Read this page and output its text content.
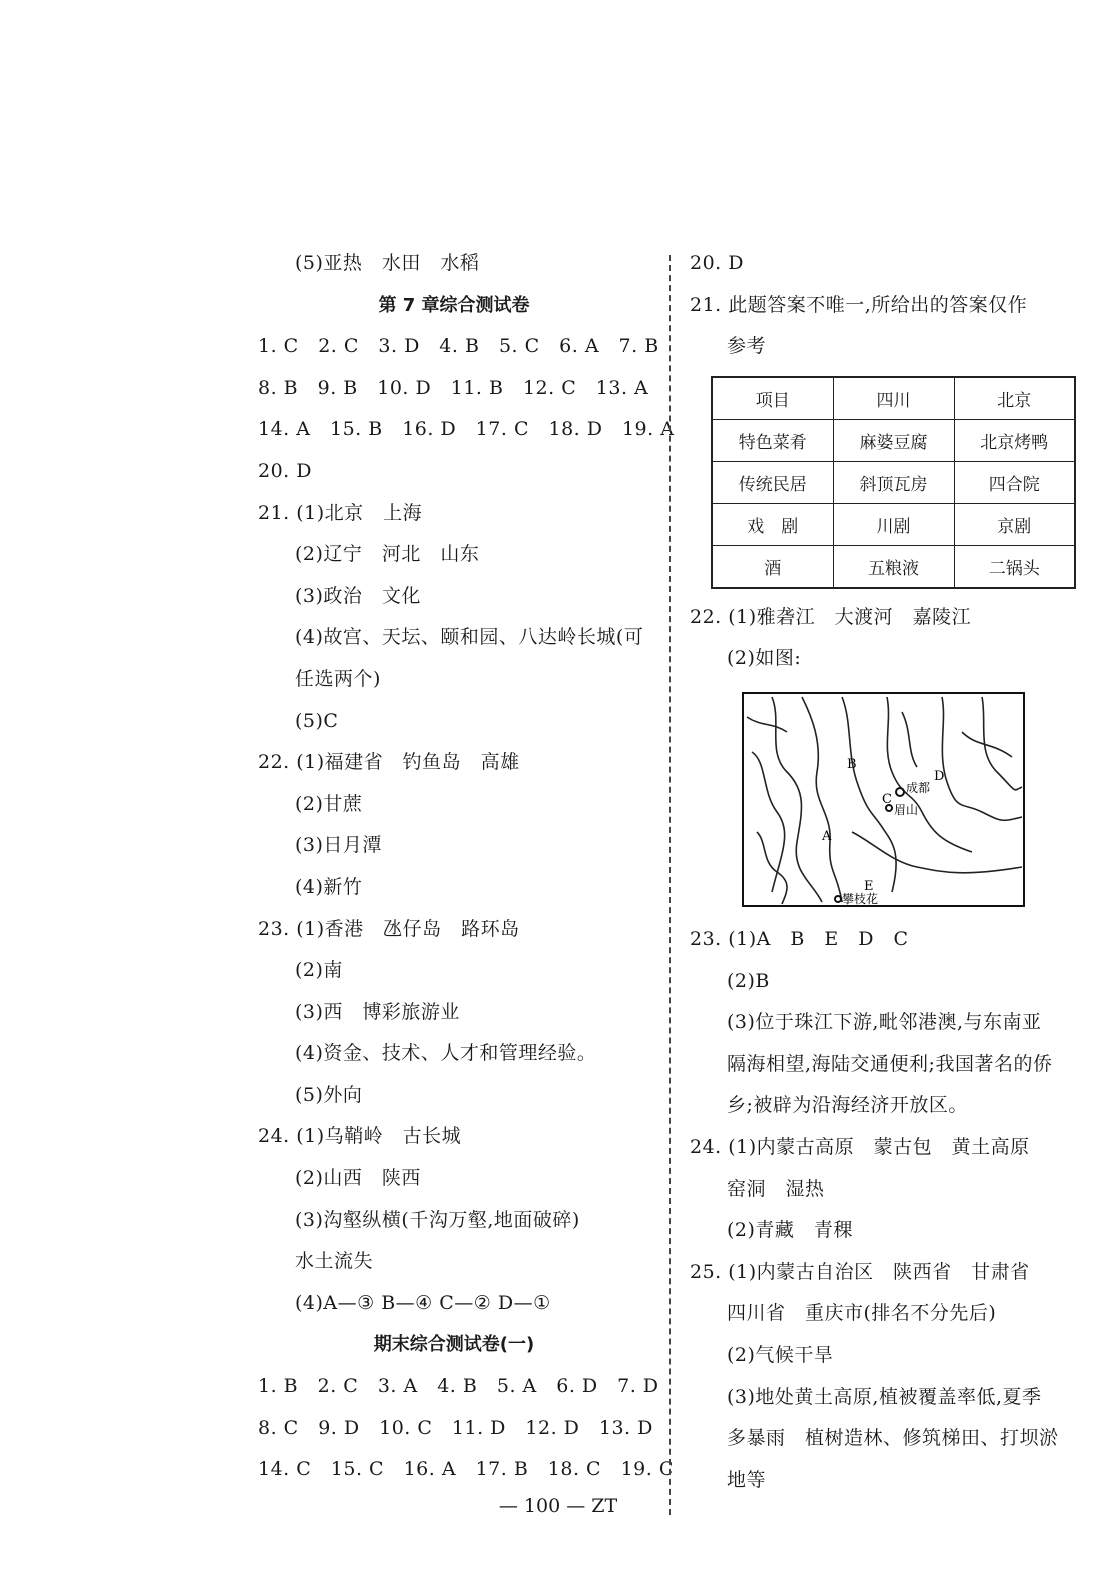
(5)亚热　水田　水稻
第 7 章综合测试卷
1. C　2. C　3. D　4. B　5. C　6. A　7. B
8. B　9. B　10. D　11. B　12. C　13. A
14. A　15. B　16. D　17. C　18. D　19. A
20. D
21. (1)北京　上海
(2)辽宁　河北　山东
(3)政治　文化
(4)故宫、天坛、颐和园、八达岭长城(可
任选两个)
(5)C
22. (1)福建省　钓鱼岛　高雄
(2)甘蔗
(3)日月潭
(4)新竹
23. (1)香港　氹仔岛　路环岛
(2)南
(3)西　博彩旅游业
(4)资金、技术、人才和管理经验。
(5)外向
24. (1)乌鞘岭　古长城
(2)山西　陕西
(3)沟壑纵横(千沟万壑,地面破碎)
水土流失
(4)A—③ B—④ C—② D—①
期末综合测试卷(一)
1. B　2. C　3. A　4. B　5. A　6. D　7. D
8. C　9. D　10. C　11. D　12. D　13. D
14. C　15. C　16. A　17. B　18. C　19. C
20. D
21. 此题答案不唯一,所给出的答案仅作
参考
项目	四川	北京
特色菜肴	麻婆豆腐	北京烤鸭
传统民居	斜顶瓦房	四合院
戏　剧	川剧	京剧
酒	五粮液	二锅头
22. (1)雅砻江　大渡河　嘉陵江
(2)如图:
A
B
C
D
E
成都
眉山
攀枝花
23. (1)A　B　E　D　C
(2)B
(3)位于珠江下游,毗邻港澳,与东南亚
隔海相望,海陆交通便利;我国著名的侨
乡;被辟为沿海经济开放区。
24. (1)内蒙古高原　蒙古包　黄土高原
窑洞　湿热
(2)青藏　青稞
25. (1)内蒙古自治区　陕西省　甘肃省
四川省　重庆市(排名不分先后)
(2)气候干旱
(3)地处黄土高原,植被覆盖率低,夏季
多暴雨　植树造林、修筑梯田、打坝淤
地等
— 100 — ZT
